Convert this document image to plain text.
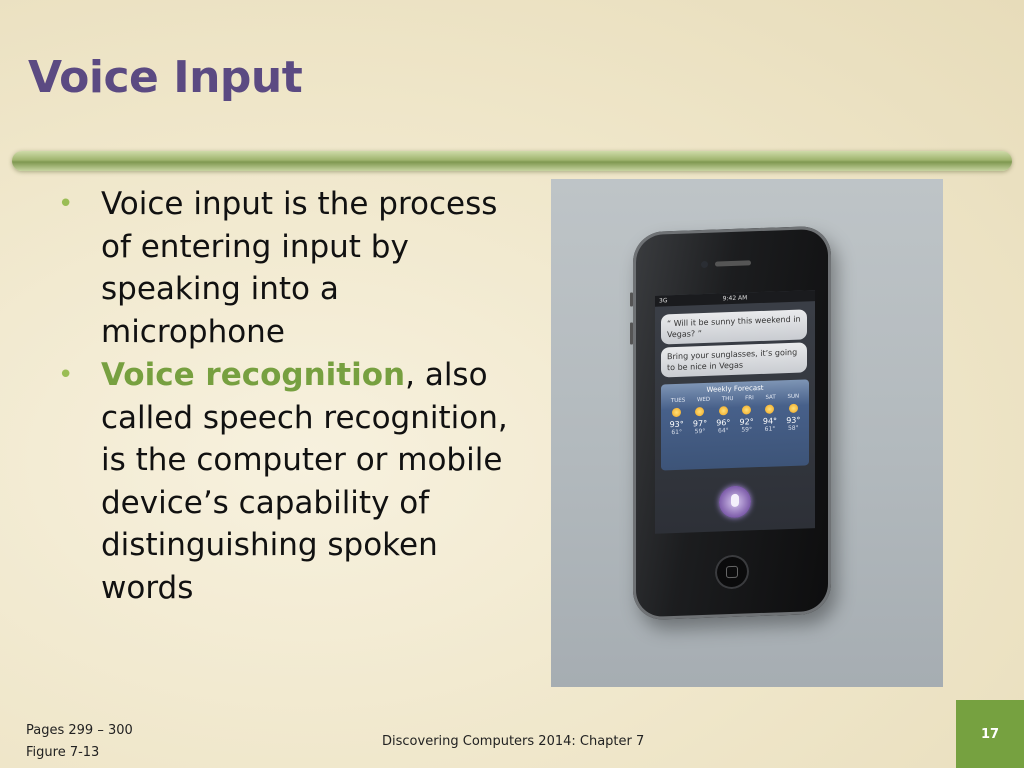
Voice Input
• Voice input is the process of entering input by speaking into a microphone
• Voice recognition, also called speech recognition, is the computer or mobile device’s capability of distinguishing spoken words
3G	9:42 AM
“ Will it be sunny this weekend in Vegas? ”
Bring your sunglasses, it’s going to be nice in Vegas
Weekly Forecast
TUES WED THU FRI SAT SUN
93° 97° 96° 92° 94° 93°
61° 59° 64° 59° 61° 58°
Pages 299 – 300
Figure 7-13
Discovering Computers 2014: Chapter 7	17
